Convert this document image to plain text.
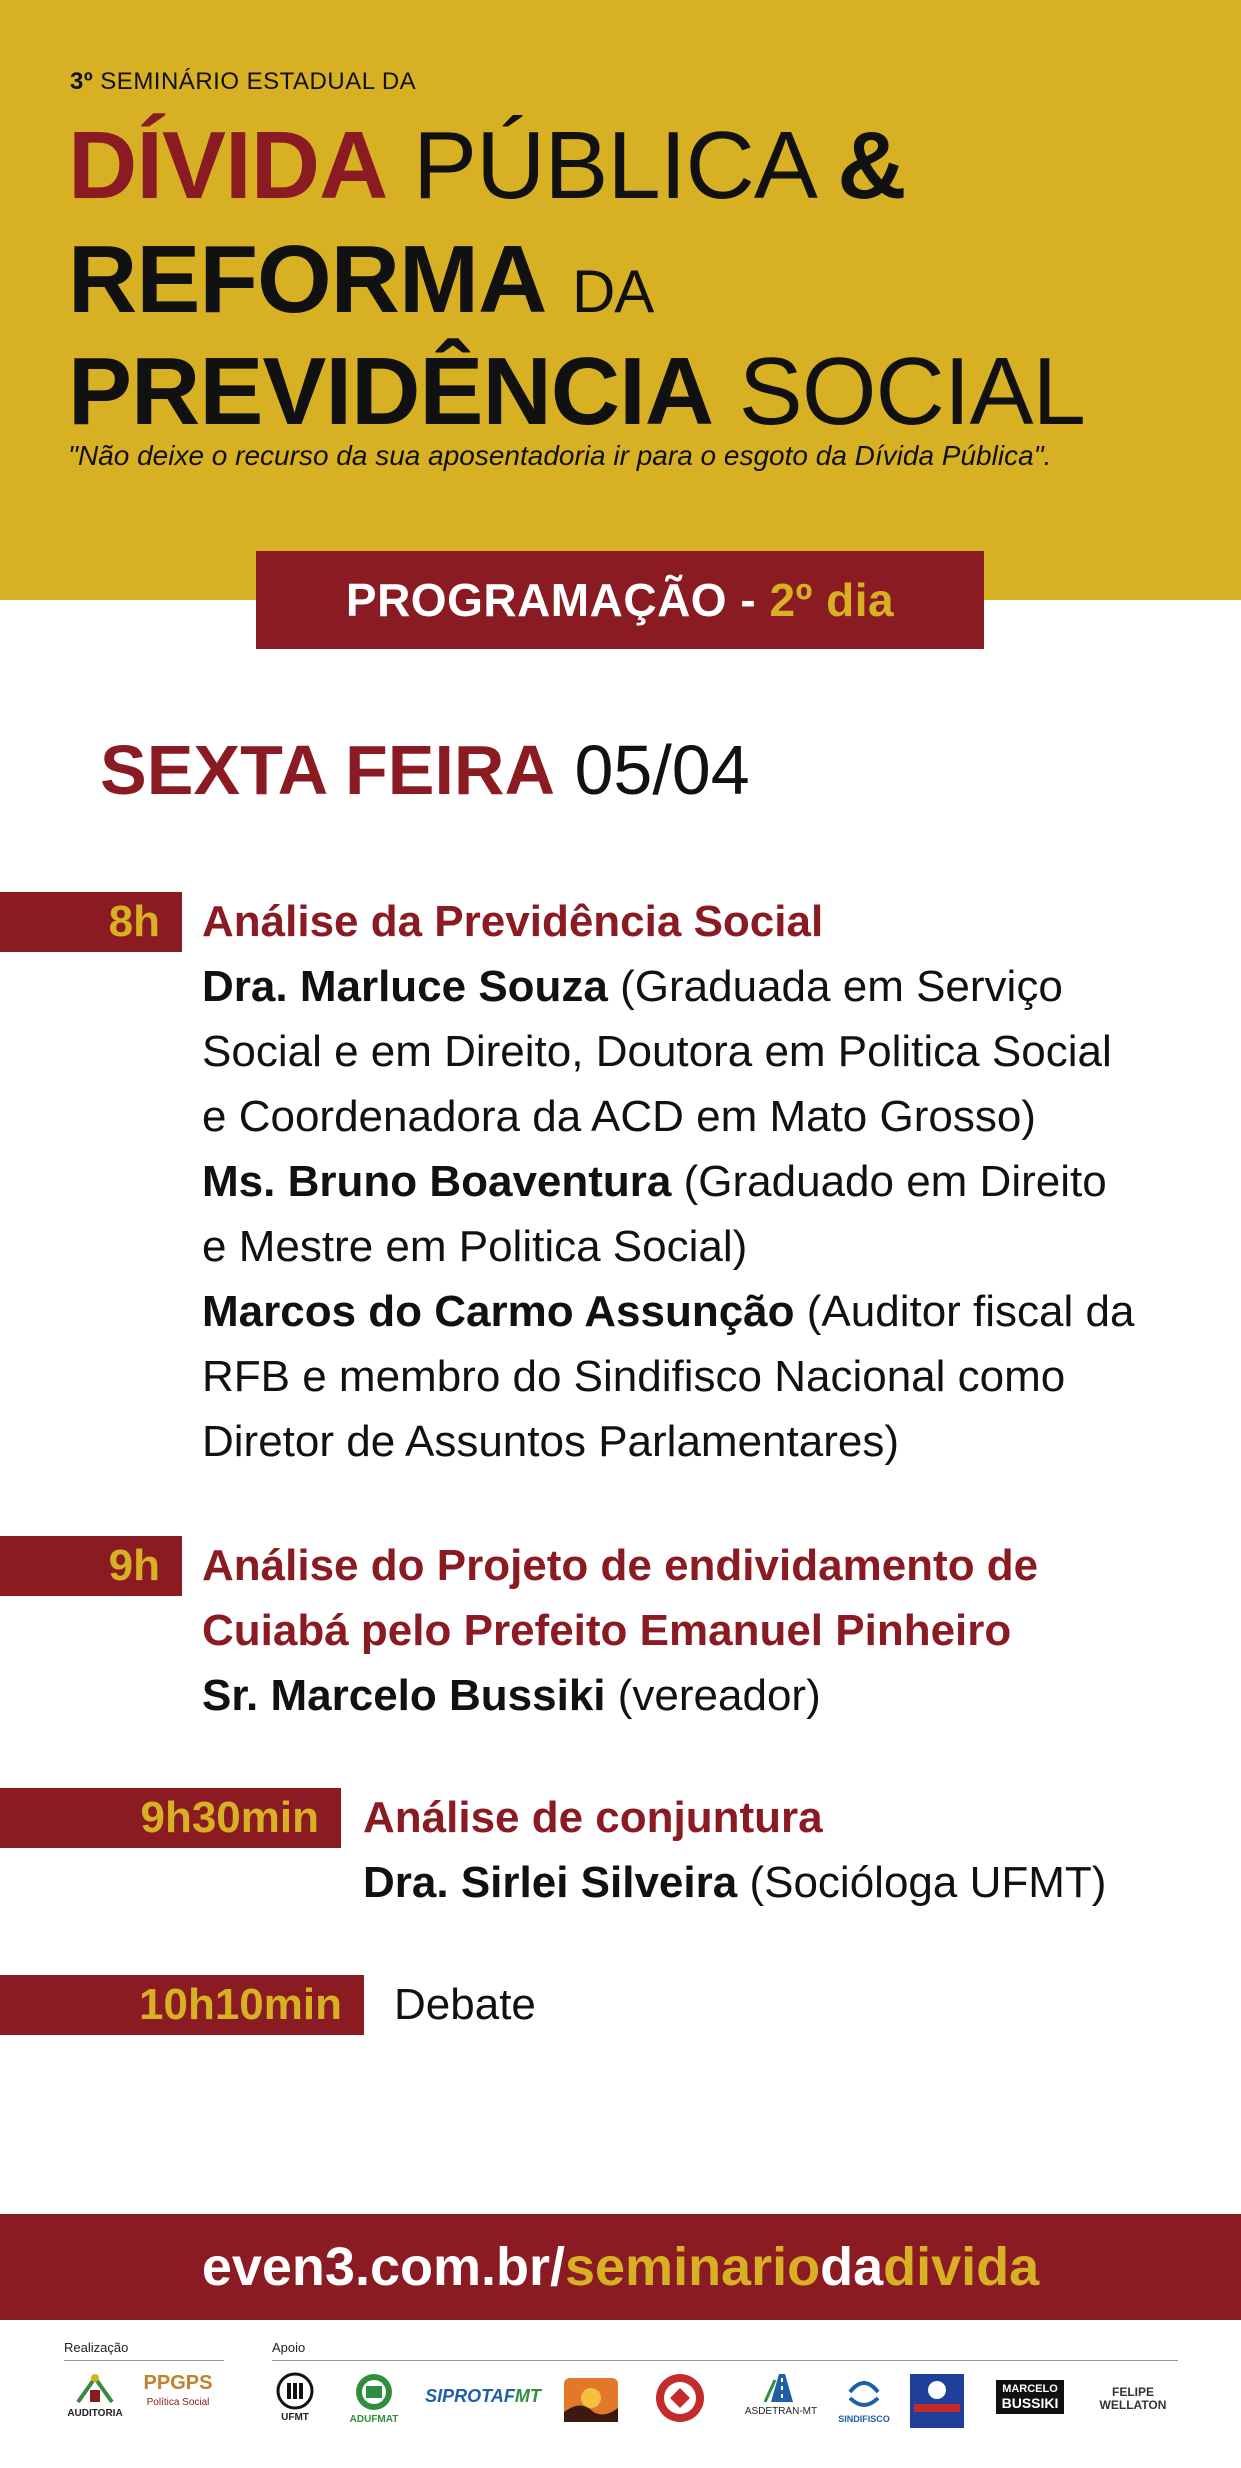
3º SEMINÁRIO ESTADUAL DA
DÍVIDA PÚBLICA &
REFORMA DA
PREVIDÊNCIA SOCIAL
"Não deixe o recurso da sua aposentadoria ir para o esgoto da Dívida Pública".
PROGRAMAÇÃO -
2º dia
SEXTA FEIRA 05/04
8h Análise da Previdência Social
Dra. Marluce Souza (Graduada em Serviço
Social e em Direito, Doutora em Politica Social
e Coordenadora da ACD em Mato Grosso)
Ms. Bruno Boaventura (Graduado em Direito
e Mestre em Politica Social)
Marcos do Carmo Assunção (Auditor fiscal da
RFB e membro do Sindifisco Nacional como
Diretor de Assuntos Parlamentares)
9h Análise do Projeto de endividamento de
Cuiabá pelo Prefeito Emanuel Pinheiro
Sr. Marcelo Bussiki (vereador)
9h30min	Análise de conjuntura
Dra. Sirlei Silveira (Socióloga UFMT)
10h10min	Debate
even3.com.br/ seminario da divida
Realização	Apoio
AUDITORIA
PPGPS
Política Social
UFMT	ADUFMAT
SIPROTAF MT
ASDETRAN-MT
SINDIFISCO
MARCELO
BUSSIKI
FELIPE
WELLATON
